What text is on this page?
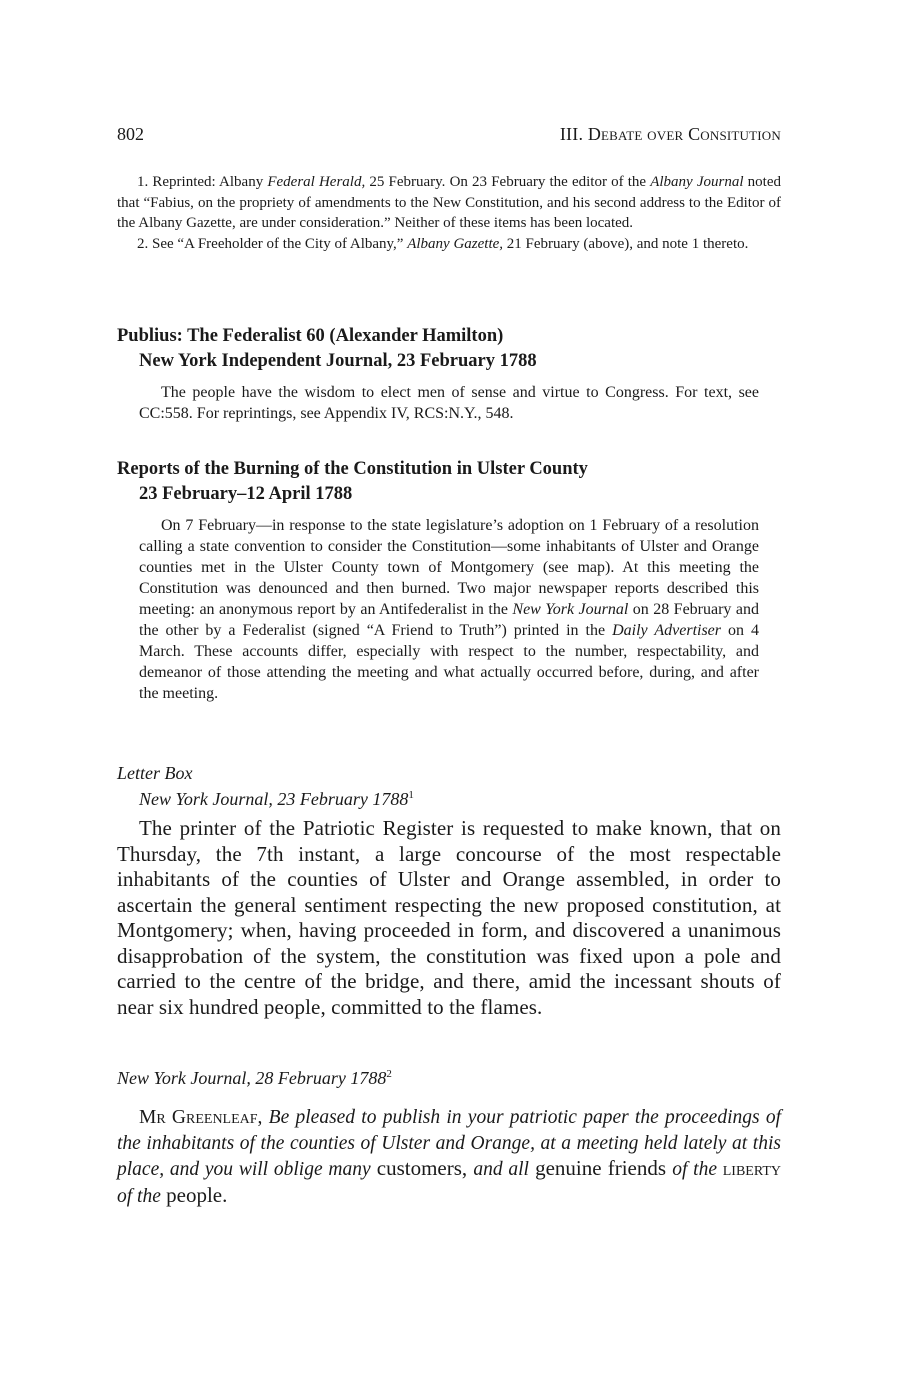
802	III. Debate over Consitution

1. Reprinted: Albany Federal Herald, 25 February. On 23 February the editor of the Albany Journal noted that “Fabius, on the propriety of amendments to the New Constitution, and his second address to the Editor of the Albany Gazette, are under consideration.” Neither of these items has been located.

2. See “A Freeholder of the City of Albany,” Albany Gazette, 21 February (above), and note 1 thereto.

Publius: The Federalist 60 (Alexander Hamilton)
New York Independent Journal, 23 February 1788

The people have the wisdom to elect men of sense and virtue to Congress. For text, see CC:558. For reprintings, see Appendix IV, RCS:N.Y., 548.

Reports of the Burning of the Constitution in Ulster County
23 February–12 April 1788

On 7 February—in response to the state legislature’s adoption on 1 February of a resolution calling a state convention to consider the Constitution—some inhabitants of Ulster and Orange counties met in the Ulster County town of Montgomery (see map). At this meeting the Constitution was denounced and then burned. Two major newspaper reports described this meeting: an anonymous report by an Antifederalist in the New York Journal on 28 February and the other by a Federalist (signed “A Friend to Truth”) printed in the Daily Advertiser on 4 March. These accounts differ, especially with respect to the number, respectability, and demeanor of those attending the meeting and what actually occurred before, during, and after the meeting.

Letter Box
New York Journal, 23 February 1788$^1$

The printer of the Patriotic Register is requested to make known, that on Thursday, the 7th instant, a large concourse of the most respectable inhabitants of the counties of Ulster and Orange assembled, in order to ascertain the general sentiment respecting the new proposed constitution, at Montgomery; when, having proceeded in form, and discovered a unanimous disapprobation of the system, the constitution was fixed upon a pole and carried to the centre of the bridge, and there, amid the incessant shouts of near six hundred people, committed to the flames.

New York Journal, 28 February 1788$^2$

Mr Greenleaf, Be pleased to publish in your patriotic paper the proceedings of the inhabitants of the counties of Ulster and Orange, at a meeting held lately at this place, and you will oblige many customers, and all genuine friends of the liberty of the people.
